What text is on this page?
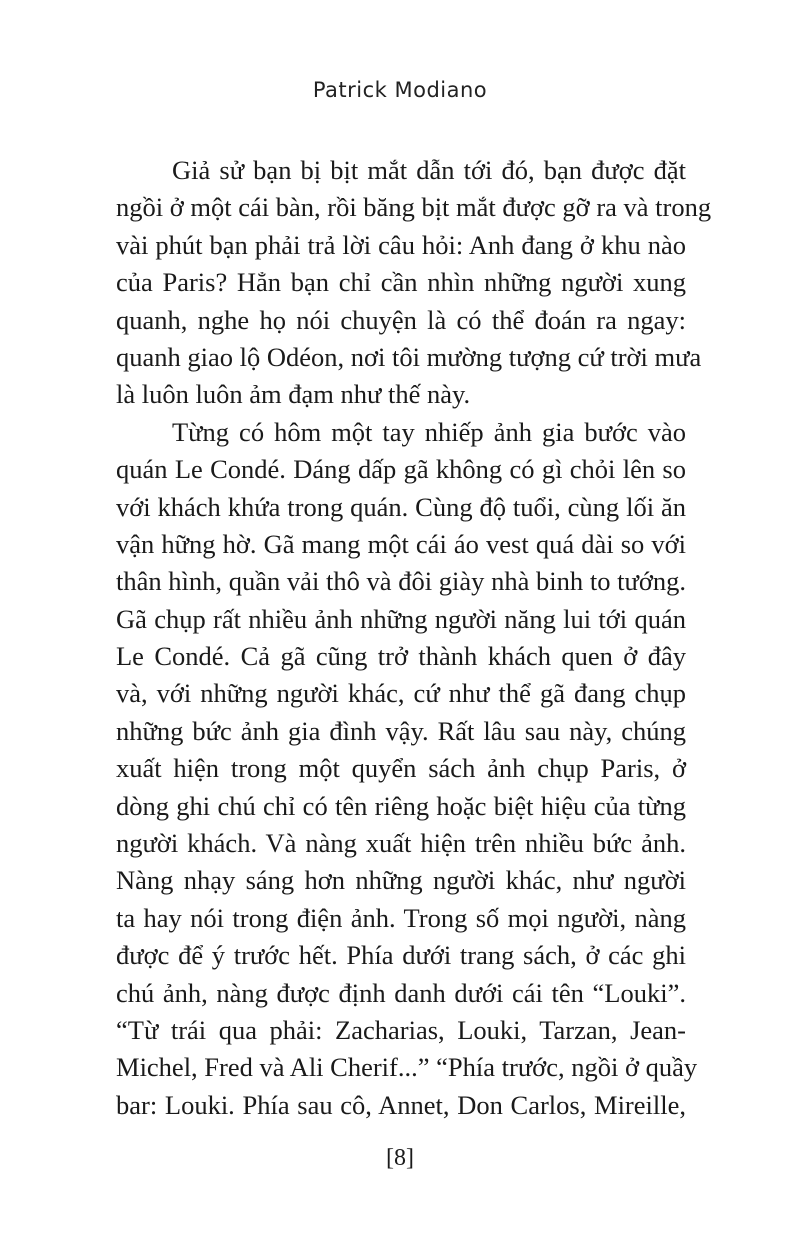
Patrick Modiano
Giả sử bạn bị bịt mắt dẫn tới đó, bạn được đặt
ngồi ở một cái bàn, rồi băng bịt mắt được gỡ ra và trong
vài phút bạn phải trả lời câu hỏi: Anh đang ở khu nào
của Paris? Hẳn bạn chỉ cần nhìn những người xung
quanh, nghe họ nói chuyện là có thể đoán ra ngay:
quanh giao lộ Odéon, nơi tôi mường tượng cứ trời mưa
là luôn luôn ảm đạm như thế này.
Từng có hôm một tay nhiếp ảnh gia bước vào
quán Le Condé. Dáng dấp gã không có gì chỏi lên so
với khách khứa trong quán. Cùng độ tuổi, cùng lối ăn
vận hững hờ. Gã mang một cái áo vest quá dài so với
thân hình, quần vải thô và đôi giày nhà binh to tướng.
Gã chụp rất nhiều ảnh những người năng lui tới quán
Le Condé. Cả gã cũng trở thành khách quen ở đây
và, với những người khác, cứ như thể gã đang chụp
những bức ảnh gia đình vậy. Rất lâu sau này, chúng
xuất hiện trong một quyển sách ảnh chụp Paris, ở
dòng ghi chú chỉ có tên riêng hoặc biệt hiệu của từng
người khách. Và nàng xuất hiện trên nhiều bức ảnh.
Nàng nhạy sáng hơn những người khác, như người
ta hay nói trong điện ảnh. Trong số mọi người, nàng
được để ý trước hết. Phía dưới trang sách, ở các ghi
chú ảnh, nàng được định danh dưới cái tên “Louki”.
“Từ trái qua phải: Zacharias, Louki, Tarzan, Jean-
Michel, Fred và Ali Cherif...” “Phía trước, ngồi ở quầy
bar: Louki. Phía sau cô, Annet, Don Carlos, Mireille,
[8]
